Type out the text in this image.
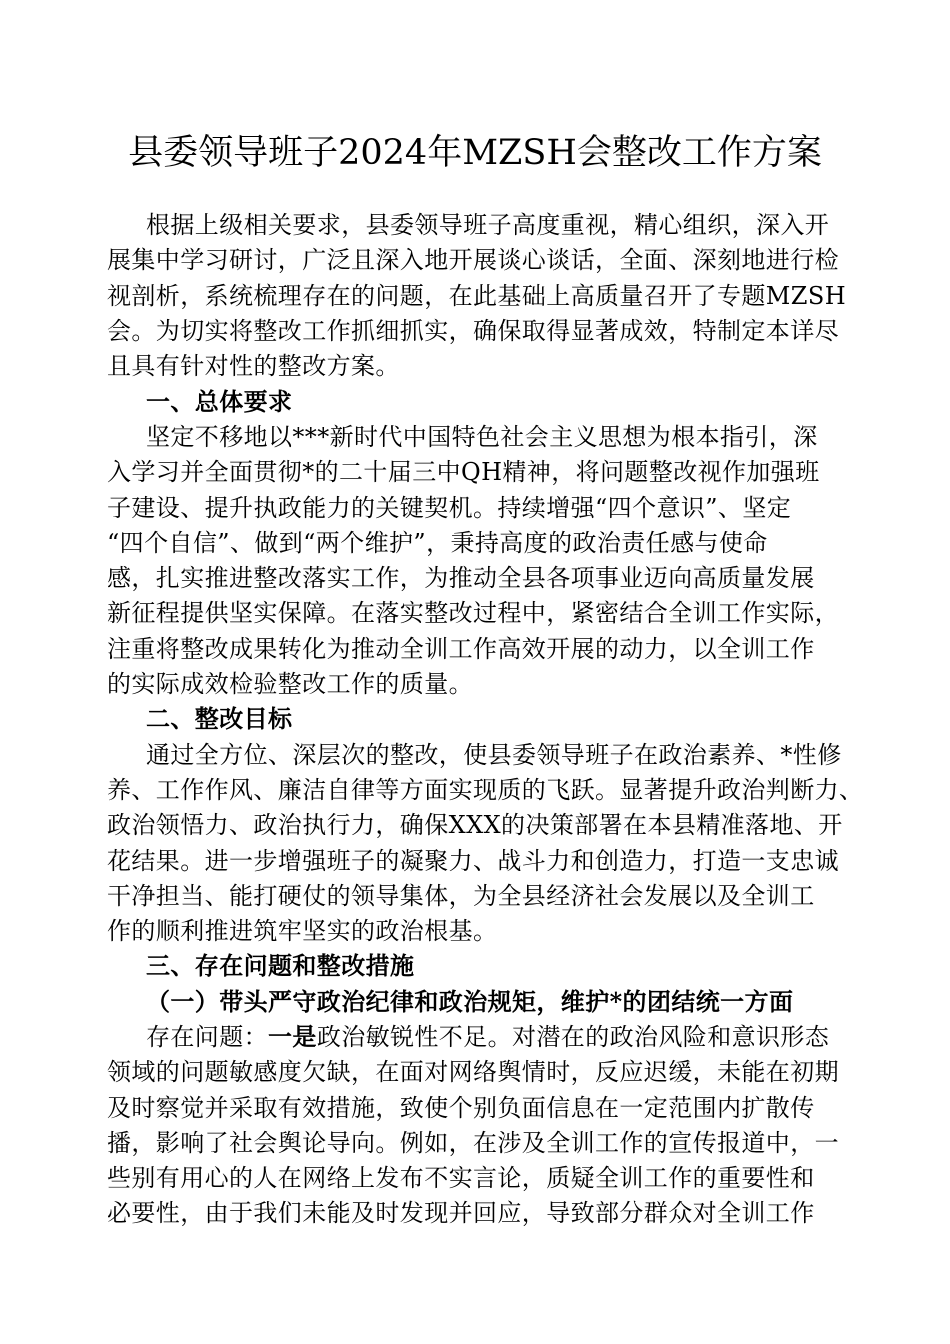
县委领导班子2024年MZSH会整改工作方案

根据上级相关要求，县委领导班子高度重视，精心组织，深入开

展集中学习研讨，广泛且深入地开展谈心谈话，全面、深刻地进行检

视剖析，系统梳理存在的问题，在此基础上高质量召开了专题MZSH

会。为切实将整改工作抓细抓实，确保取得显著成效，特制定本详尽

且具有针对性的整改方案。

一、总体要求

坚定不移地以***新时代中国特色社会主义思想为根本指引，深

入学习并全面贯彻*的二十届三中QH精神，将问题整改视作加强班

子建设、提升执政能力的关键契机。持续增强“四个意识”、坚定

“四个自信”、做到“两个维护”，秉持高度的政治责任感与使命

感，扎实推进整改落实工作，为推动全县各项事业迈向高质量发展

新征程提供坚实保障。在落实整改过程中，紧密结合全训工作实际，

注重将整改成果转化为推动全训工作高效开展的动力，以全训工作

的实际成效检验整改工作的质量。

二、整改目标

通过全方位、深层次的整改，使县委领导班子在政治素养、*性修

养、工作作风、廉洁自律等方面实现质的飞跃。显著提升政治判断力、

政治领悟力、政治执行力，确保XXX的决策部署在本县精准落地、开

花结果。进一步增强班子的凝聚力、战斗力和创造力，打造一支忠诚

干净担当、能打硬仗的领导集体，为全县经济社会发展以及全训工

作的顺利推进筑牢坚实的政治根基。

三、存在问题和整改措施

（一）带头严守政治纪律和政治规矩，维护*的团结统一方面

存在问题：一是政治敏锐性不足。对潜在的政治风险和意识形态

领域的问题敏感度欠缺，在面对网络舆情时，反应迟缓，未能在初期

及时察觉并采取有效措施，致使个别负面信息在一定范围内扩散传

播，影响了社会舆论导向。例如，在涉及全训工作的宣传报道中，一

些别有用心的人在网络上发布不实言论，质疑全训工作的重要性和

必要性，由于我们未能及时发现并回应，导致部分群众对全训工作
